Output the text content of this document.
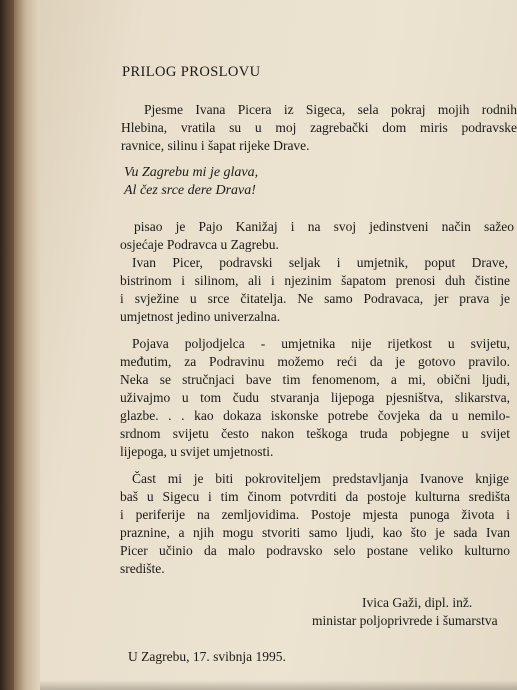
PRILOG PROSLOVU
Pjesme Ivana Picera iz Sigeca, sela pokraj mojih rodnih
Hlebina, vratila su u moj zagrebački dom miris podravske
ravnice, silinu i šapat rijeke Drave.
Vu Zagrebu mi je glava,
Al čez srce dere Drava!
pisao je Pajo Kanižaj i na svoj jedinstveni način sažeo
osjećaje Podravca u Zagrebu.
Ivan Picer, podravski seljak i umjetnik, poput Drave,
bistrinom i silinom, ali i njezinim šapatom prenosi duh čistine
i svježine u srce čitatelja. Ne samo Podravaca, jer prava je
umjetnost jedino univerzalna.
Pojava poljodjelca - umjetnika nije rijetkost u svijetu,
međutim, za Podravinu možemo reći da je gotovo pravilo.
Neka se stručnjaci bave tim fenomenom, a mi, obični ljudi,
uživajmo u tom čudu stvaranja lijepoga pjesništva, slikarstva,
glazbe. . . kao dokaza iskonske potrebe čovjeka da u nemilo-
srdnom svijetu često nakon teškoga truda pobjegne u svijet
lijepoga, u svijet umjetnosti.
Čast mi je biti pokroviteljem predstavljanja Ivanove knjige
baš u Sigecu i tim činom potvrditi da postoje kulturna središta
i periferije na zemljovidima. Postoje mjesta punoga života i
praznine, a njih mogu stvoriti samo ljudi, kao što je sada Ivan
Picer učinio da malo podravsko selo postane veliko kulturno
središte.
Ivica Gaži, dipl. inž.
ministar poljoprivrede i šumarstva
U Zagrebu, 17. svibnja 1995.
